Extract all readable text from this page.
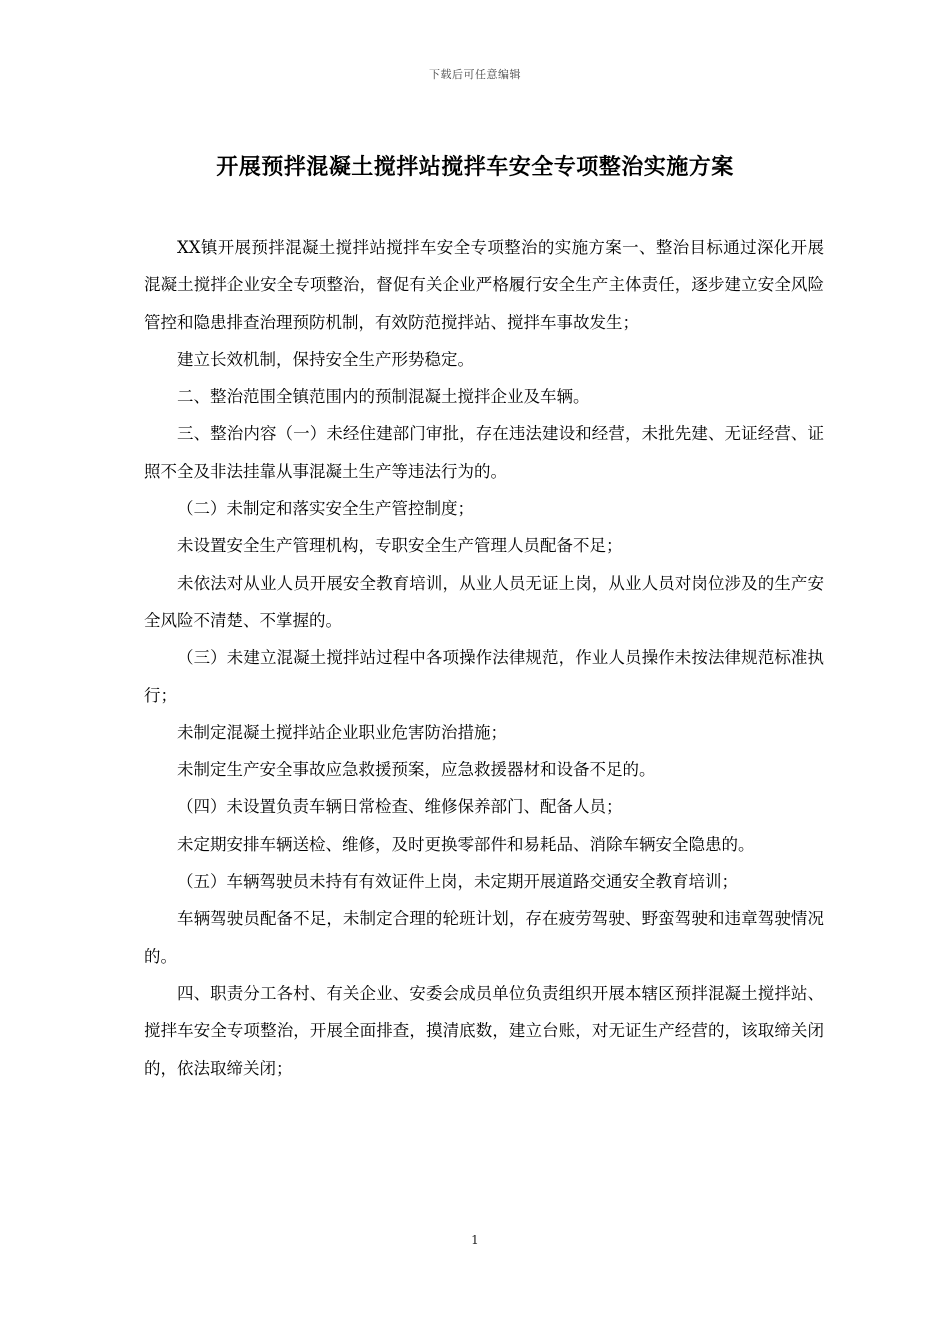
下载后可任意编辑
开展预拌混凝土搅拌站搅拌车安全专项整治实施方案

XX镇开展预拌混凝土搅拌站搅拌车安全专项整治的实施方案一、整治目标通过深化开展混凝土搅拌企业安全专项整治，督促有关企业严格履行安全生产主体责任，逐步建立安全风险管控和隐患排查治理预防机制，有效防范搅拌站、搅拌车事故发生；

建立长效机制，保持安全生产形势稳定。

二、整治范围全镇范围内的预制混凝土搅拌企业及车辆。

三、整治内容（一）未经住建部门审批，存在违法建设和经营，未批先建、无证经营、证照不全及非法挂靠从事混凝土生产等违法行为的。

（二）未制定和落实安全生产管控制度；

未设置安全生产管理机构，专职安全生产管理人员配备不足；

未依法对从业人员开展安全教育培训，从业人员无证上岗，从业人员对岗位涉及的生产安全风险不清楚、不掌握的。

（三）未建立混凝土搅拌站过程中各项操作法律规范，作业人员操作未按法律规范标准执行；

未制定混凝土搅拌站企业职业危害防治措施；

未制定生产安全事故应急救援预案，应急救援器材和设备不足的。

（四）未设置负责车辆日常检查、维修保养部门、配备人员；

未定期安排车辆送检、维修，及时更换零部件和易耗品、消除车辆安全隐患的。

（五）车辆驾驶员未持有有效证件上岗，未定期开展道路交通安全教育培训；

车辆驾驶员配备不足，未制定合理的轮班计划，存在疲劳驾驶、野蛮驾驶和违章驾驶情况的。

四、职责分工各村、有关企业、安委会成员单位负责组织开展本辖区预拌混凝土搅拌站、搅拌车安全专项整治，开展全面排查，摸清底数，建立台账，对无证生产经营的，该取缔关闭的，依法取缔关闭；

1
